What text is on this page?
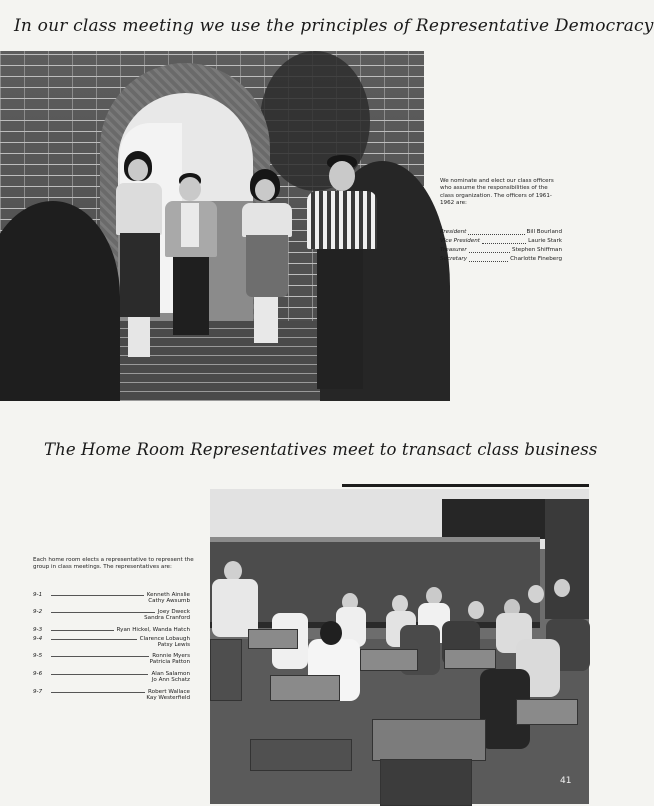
In our class meeting we use the principles of Representative Democracy
We nominate and elect our class officers who assume the responsibilities of the class organization. The officers of 1961-1962 are:
President	Bill Bourland
Vice President	Laurie Stark
Treasurer	Stephen Shiffman
Secretary	Charlotte Fineberg
The Home Room Representatives meet to transact class business
41
Each home room elects a representative to represent the group in class meetings. The representatives are:
9-1	Kenneth Ainslie
Cathy Awsumb
9-2	Joey Dweck
Sandra Cranford
9-3	Ryan Hickel, Wanda Hatch
9-4	Clarence Lobaugh
Patsy Lewis
9-5	Ronnie Myers
Patricia Patton
9-6	Alan Salamon
Jo Ann Schatz
9-7	Robert Wallace
Kay Westerfield
